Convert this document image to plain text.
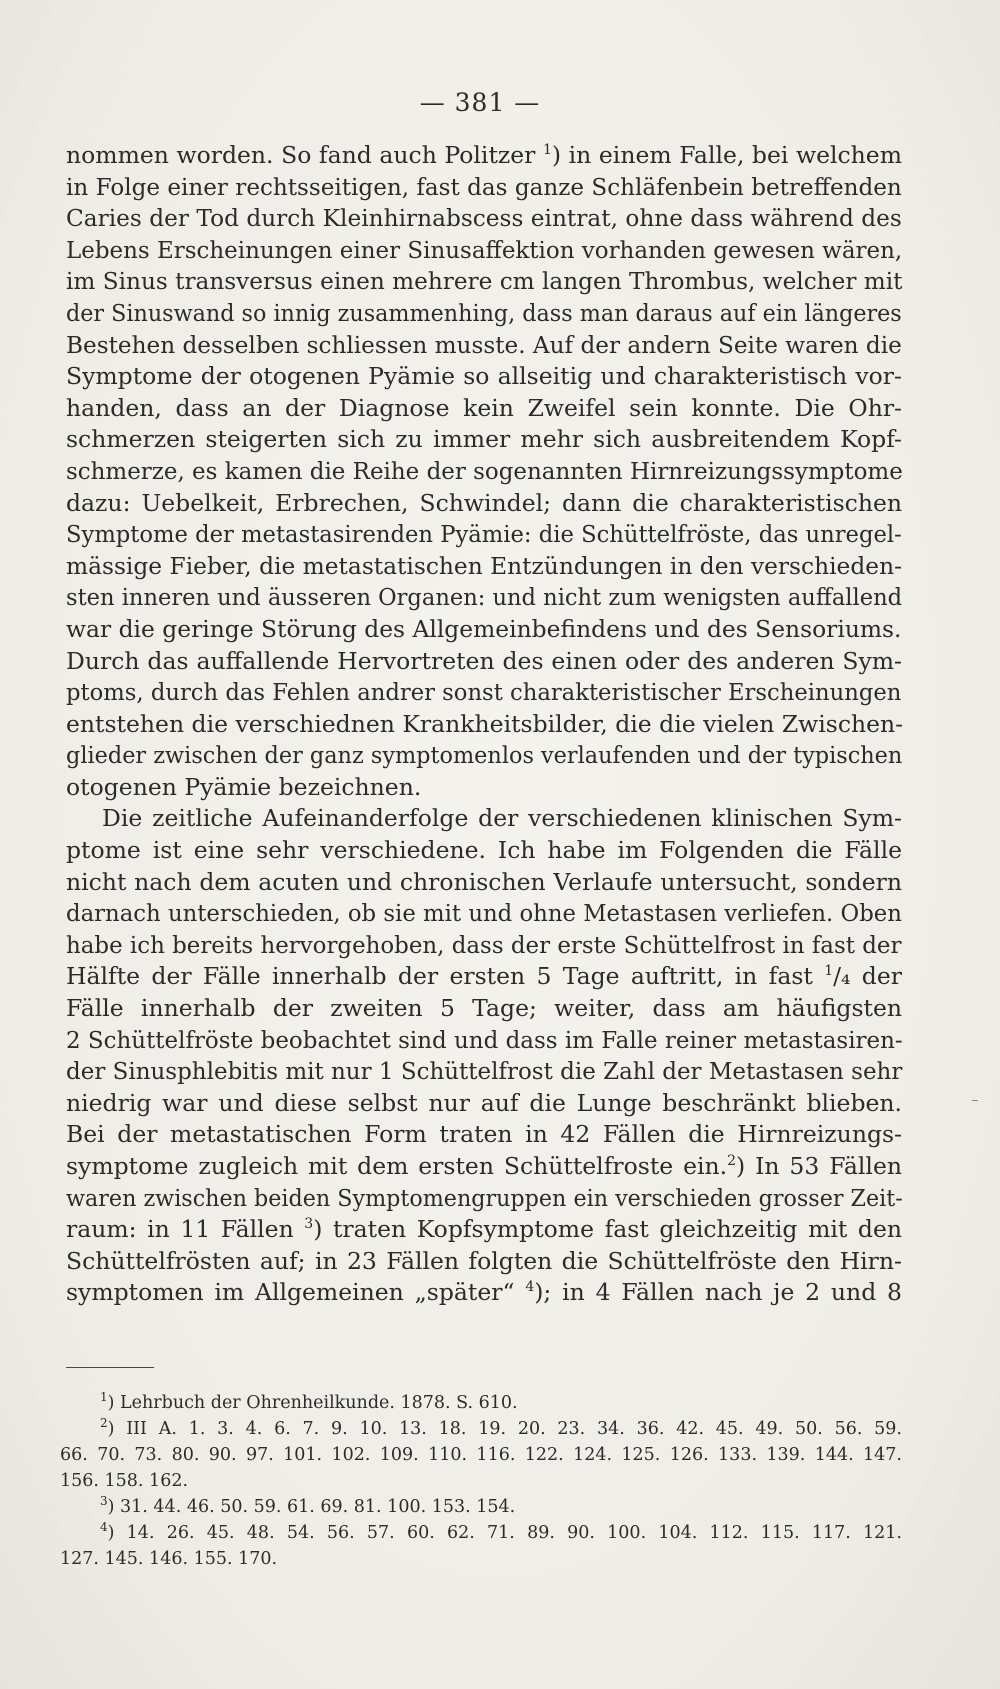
— 381 —
nommen worden. So fand auch Politzer $^1$) in einem Falle, bei welchem
in Folge einer rechtsseitigen, fast das ganze Schläfenbein betreffenden
Caries der Tod durch Kleinhirnabscess eintrat, ohne dass während des
Lebens Erscheinungen einer Sinusaffektion vorhanden gewesen wären,
im Sinus transversus einen mehrere cm langen Thrombus, welcher mit
der Sinuswand so innig zusammenhing, dass man daraus auf ein längeres
Bestehen desselben schliessen musste. Auf der andern Seite waren die
Symptome der otogenen Pyämie so allseitig und charakteristisch vor-
handen, dass an der Diagnose kein Zweifel sein konnte. Die Ohr-
schmerzen steigerten sich zu immer mehr sich ausbreitendem Kopf-
schmerze, es kamen die Reihe der sogenannten Hirnreizungssymptome
dazu: Uebelkeit, Erbrechen, Schwindel; dann die charakteristischen
Symptome der metastasirenden Pyämie: die Schüttelfröste, das unregel-
mässige Fieber, die metastatischen Entzündungen in den verschieden-
sten inneren und äusseren Organen: und nicht zum wenigsten auffallend
war die geringe Störung des Allgemeinbefindens und des Sensoriums.
Durch das auffallende Hervortreten des einen oder des anderen Sym-
ptoms, durch das Fehlen andrer sonst charakteristischer Erscheinungen
entstehen die verschiednen Krankheitsbilder, die die vielen Zwischen-
glieder zwischen der ganz symptomenlos verlaufenden und der typischen
otogenen Pyämie bezeichnen.
Die zeitliche Aufeinanderfolge der verschiedenen klinischen Sym-
ptome ist eine sehr verschiedene. Ich habe im Folgenden die Fälle
nicht nach dem acuten und chronischen Verlaufe untersucht, sondern
darnach unterschieden, ob sie mit und ohne Metastasen verliefen. Oben
habe ich bereits hervorgehoben, dass der erste Schüttelfrost in fast der
Hälfte der Fälle innerhalb der ersten 5 Tage auftritt, in fast $^1$/₄ der
Fälle innerhalb der zweiten 5 Tage; weiter, dass am häufigsten
2 Schüttelfröste beobachtet sind und dass im Falle reiner metastasiren-
der Sinusphlebitis mit nur 1 Schüttelfrost die Zahl der Metastasen sehr
niedrig war und diese selbst nur auf die Lunge beschränkt blieben.
Bei der metastatischen Form traten in 42 Fällen die Hirnreizungs-
symptome zugleich mit dem ersten Schüttelfroste ein.$^2$) In 53 Fällen
waren zwischen beiden Symptomengruppen ein verschieden grosser Zeit-
raum: in 11 Fällen $^3$) traten Kopfsymptome fast gleichzeitig mit den
Schüttelfrösten auf; in 23 Fällen folgten die Schüttelfröste den Hirn-
symptomen im Allgemeinen „später“ $^4$); in 4 Fällen nach je 2 und 8
$^1$) Lehrbuch der Ohrenheilkunde. 1878. S. 610.
$^2$) III A. 1. 3. 4. 6. 7. 9. 10. 13. 18. 19. 20. 23. 34. 36. 42. 45. 49. 50. 56. 59.
66. 70. 73. 80. 90. 97. 101. 102. 109. 110. 116. 122. 124. 125. 126. 133. 139. 144. 147.
156. 158. 162.
$^3$) 31. 44. 46. 50. 59. 61. 69. 81. 100. 153. 154.
$^4$) 14. 26. 45. 48. 54. 56. 57. 60. 62. 71. 89. 90. 100. 104. 112. 115. 117. 121.
127. 145. 146. 155. 170.
